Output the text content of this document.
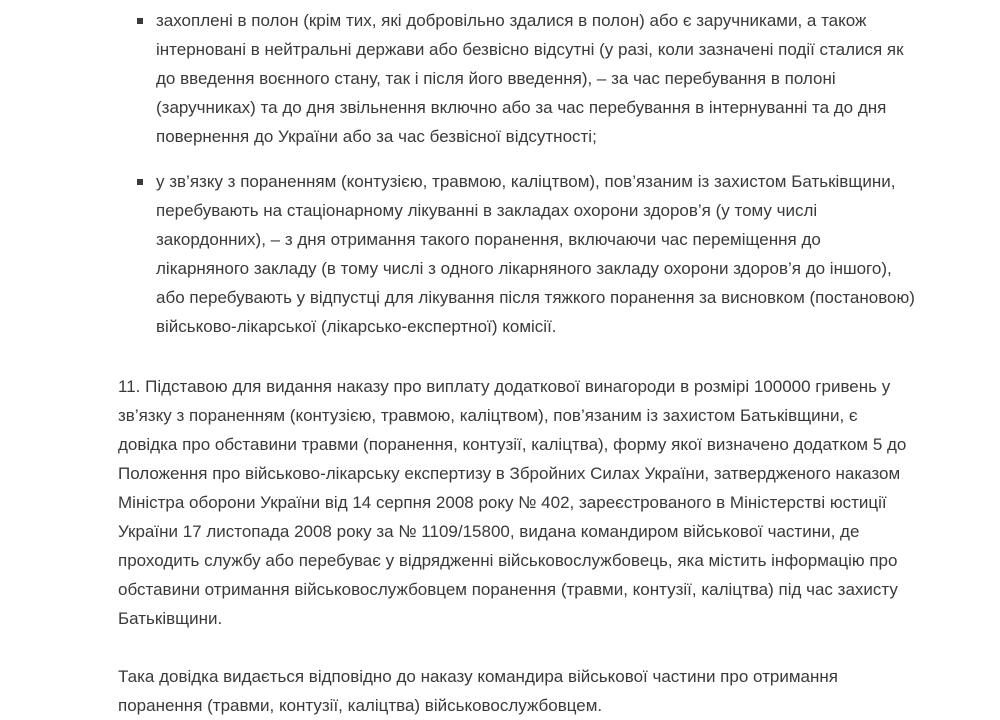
захоплені в полон (крім тих, які добровільно здалися в полон) або є заручниками, а також
інтерновані в нейтральні держави або безвісно відсутні (у разі, коли зазначені події сталися як
до введення воєнного стану, так і після його введення), – за час перебування в полоні
(заручниках) та до дня звільнення включно або за час перебування в інтернуванні та до дня
повернення до України або за час безвісної відсутності;
у зв’язку з пораненням (контузією, травмою, каліцтвом), пов’язаним із захистом Батьківщини,
перебувають на стаціонарному лікуванні в закладах охорони здоров’я (у тому числі
закордонних), – з дня отримання такого поранення, включаючи час переміщення до
лікарняного закладу (в тому числі з одного лікарняного закладу охорони здоров’я до іншого),
або перебувають у відпустці для лікування після тяжкого поранення за висновком (постановою)
військово-лікарської (лікарсько-експертної) комісії.

11. Підставою для видання наказу про виплату додаткової винагороди в розмірі 100000 гривень у
зв’язку з пораненням (контузією, травмою, каліцтвом), пов’язаним із захистом Батьківщини, є
довідка про обставини травми (поранення, контузії, каліцтва), форму якої визначено додатком 5 до
Положення про військово-лікарську експертизу в Збройних Силах України, затвердженого наказом
Міністра оборони України від 14 серпня 2008 року № 402, зареєстрованого в Міністерстві юстиції
України 17 листопада 2008 року за № 1109/15800, видана командиром військової частини, де
проходить службу або перебуває у відрядженні військовослужбовець, яка містить інформацію про
обставини отримання військовослужбовцем поранення (травми, контузії, каліцтва) під час захисту
Батьківщини.

Така довідка видається відповідно до наказу командира військової частини про отримання
поранення (травми, контузії, каліцтва) військовослужбовцем.
